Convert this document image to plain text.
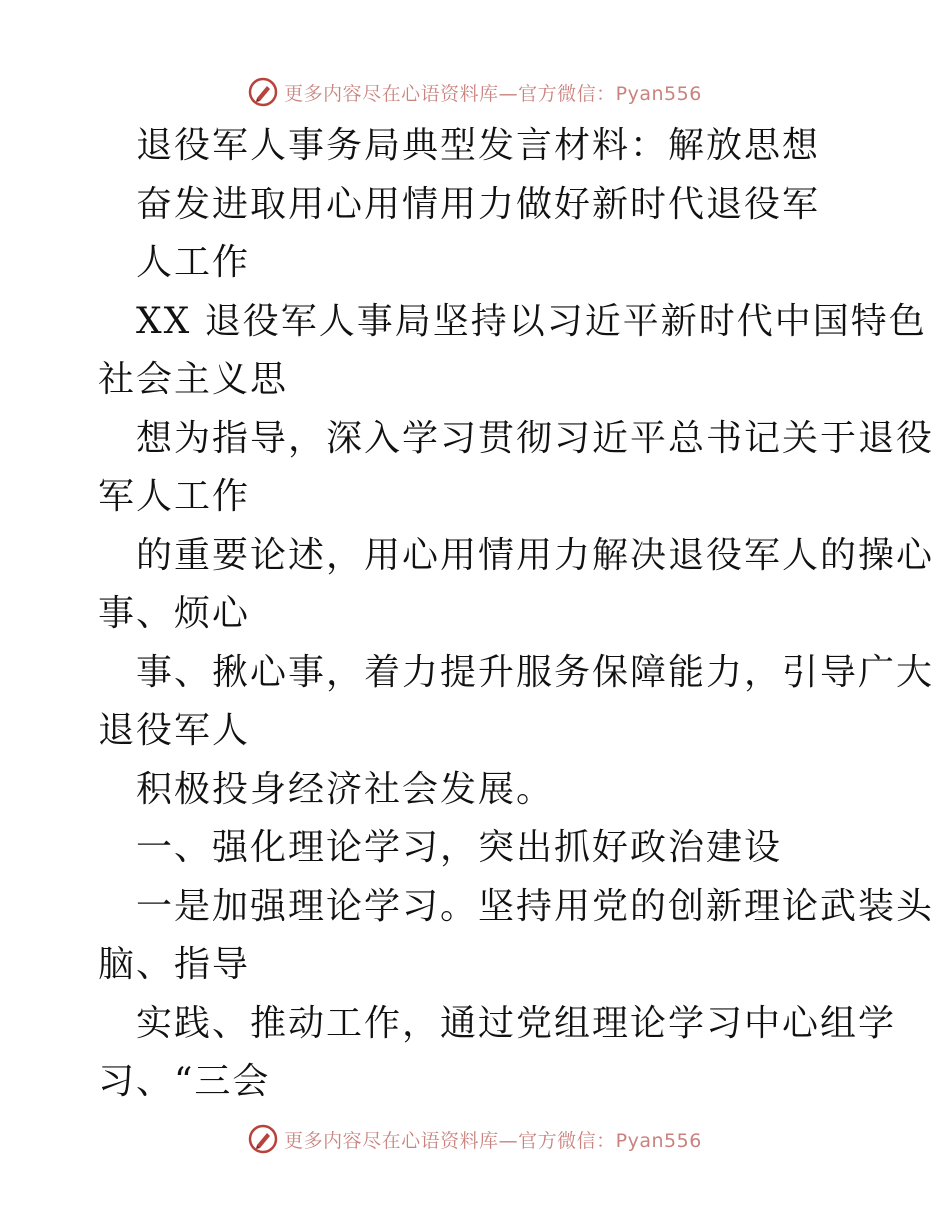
更多内容尽在心语资料库—官方微信：Pyan556
退役军人事务局典型发言材料：解放思想
奋发进取用心用情用力做好新时代退役军
人工作
XX 退役军人事局坚持以习近平新时代中国特色
社会主义思
想为指导，深入学习贯彻习近平总书记关于退役
军人工作
的重要论述，用心用情用力解决退役军人的操心
事、烦心
事、揪心事，着力提升服务保障能力，引导广大
退役军人
积极投身经济社会发展。
一、强化理论学习，突出抓好政治建设
一是加强理论学习。坚持用党的创新理论武装头
脑、指导
实践、推动工作，通过党组理论学习中心组学
习、“三会
更多内容尽在心语资料库—官方微信：Pyan556
